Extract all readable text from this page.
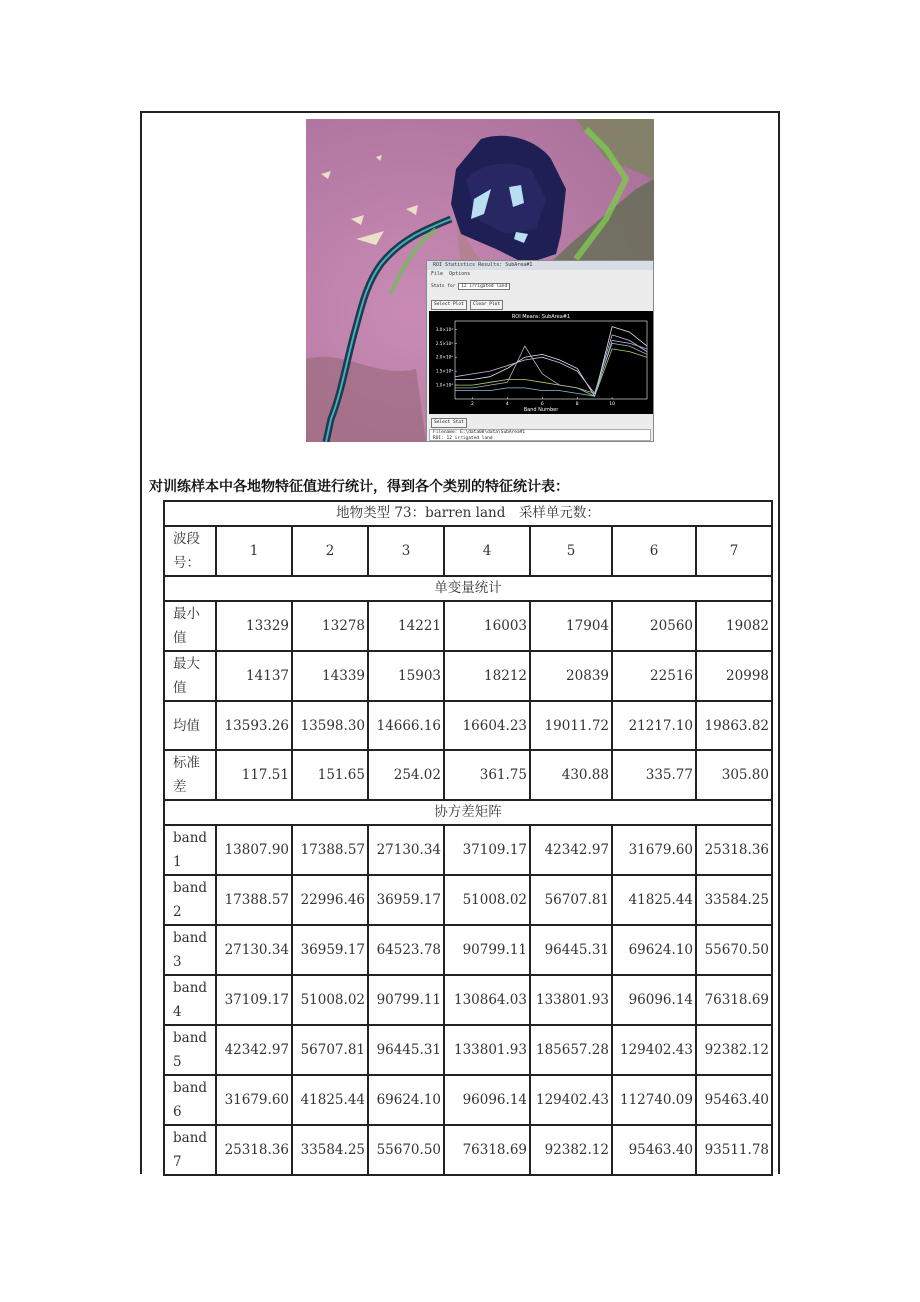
ROI Statistics Results: SubArea#1
File Options
Stats for 12 irrigated land
Select Plot	Clear Plot
ROI Means: SubArea#1
Band Number
2	4	6	8	10
1.0×10⁴
1.5×10⁴
2.0×10⁴
2.5×10⁴
3.0×10⁴
Select Stat
Filename: E:\data08\data\SubArea#1
ROI: 12 irrigated land
对训练样本中各地物特征值进行统计，得到各个类别的特征统计表：
地物类型 73：barren land　采样单元数：							

波段号：	1	2	3	4	5	6	7

单变量统计							

最小值	13329	13278	14221	16003	17904	20560	19082

最大值	14137	14339	15903	18212	20839	22516	20998

均值	13593.26	13598.30	14666.16	16604.23	19011.72	21217.10	19863.82

标准差	117.51	151.65	254.02	361.75	430.88	335.77	305.80

协方差矩阵							

band 1	13807.90	17388.57	27130.34	37109.17	42342.97	31679.60	25318.36

band 2	17388.57	22996.46	36959.17	51008.02	56707.81	41825.44	33584.25

band 3	27130.34	36959.17	64523.78	90799.11	96445.31	69624.10	55670.50

band 4	37109.17	51008.02	90799.11	130864.03	133801.93	96096.14	76318.69

band 5	42342.97	56707.81	96445.31	133801.93	185657.28	129402.43	92382.12

band 6	31679.60	41825.44	69624.10	96096.14	129402.43	112740.09	95463.40

band 7	25318.36	33584.25	55670.50	76318.69	92382.12	95463.40	93511.78
